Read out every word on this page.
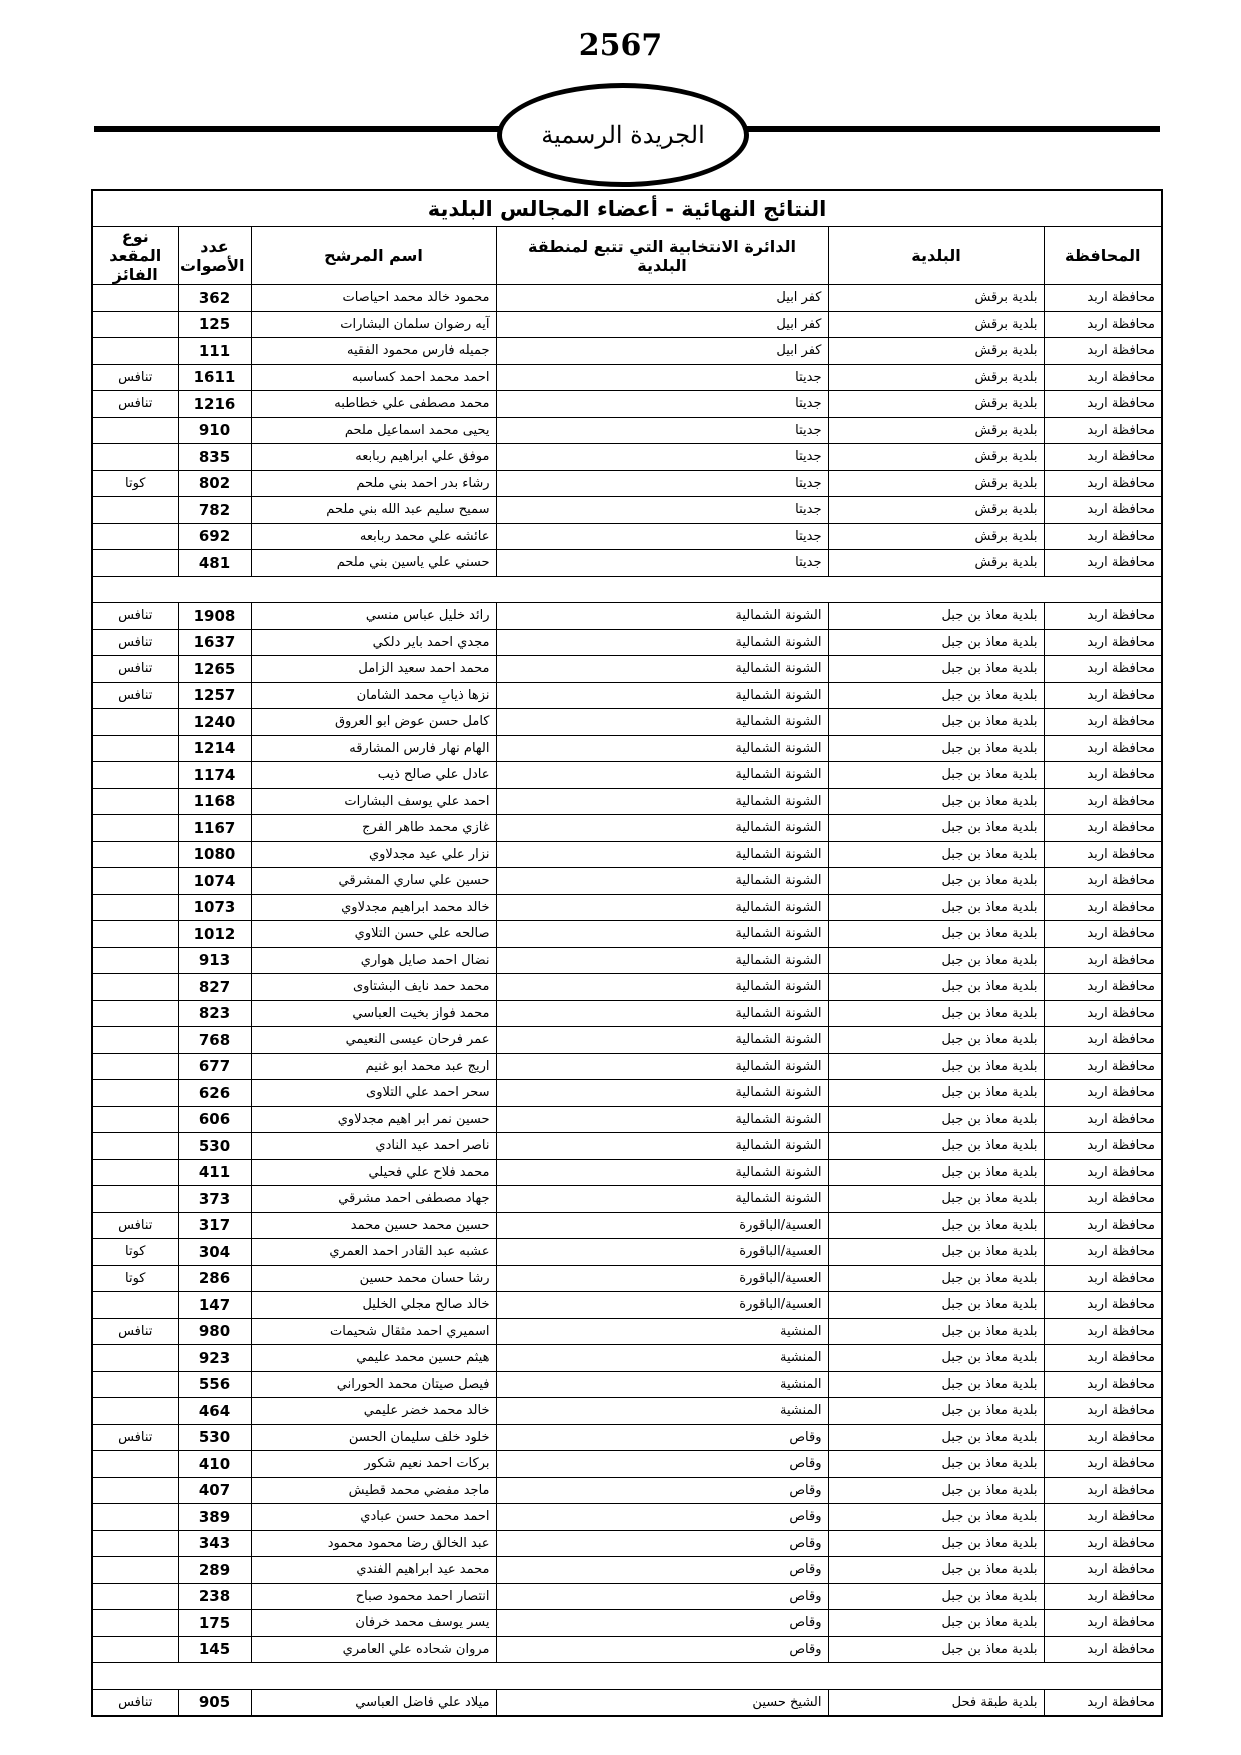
2567
الجريدة الرسمية
النتائج النهائية - أعضاء المجالس البلدية					
نوع المقعد الفائز	عدد الأصوات	اسم المرشح	الدائرة الانتخابية التي تتبع لمنطقة البلدية	البلدية	المحافظة
	362	محمود خالد محمد احياصات	كفر ابيل	بلدية برقش	محافظة اربد
	125	آيه رضوان سلمان البشارات	كفر ابيل	بلدية برقش	محافظة اربد
	111	جميله فارس محمود الفقيه	كفر ابيل	بلدية برقش	محافظة اربد
تنافس	1611	احمد محمد احمد كساسبه	جديتا	بلدية برقش	محافظة اربد
تنافس	1216	محمد مصطفى علي خطاطبه	جديتا	بلدية برقش	محافظة اربد
	910	يحيى محمد اسماعيل ملحم	جديتا	بلدية برقش	محافظة اربد
	835	موفق علي ابراهيم ربابعه	جديتا	بلدية برقش	محافظة اربد
كوتا	802	رشاء بدر احمد بني ملحم	جديتا	بلدية برقش	محافظة اربد
	782	سميح سليم عبد الله بني ملحم	جديتا	بلدية برقش	محافظة اربد
	692	عائشه علي محمد ربابعه	جديتا	بلدية برقش	محافظة اربد
	481	حسني علي ياسين بني ملحم	جديتا	بلدية برقش	محافظة اربد

تنافس	1908	رائد خليل عباس منسي	الشونة الشمالية	بلدية معاذ بن جبل	محافظة اربد
تنافس	1637	مجدي احمد باير دلكي	الشونة الشمالية	بلدية معاذ بن جبل	محافظة اربد
تنافس	1265	محمد احمد سعيد الزامل	الشونة الشمالية	بلدية معاذ بن جبل	محافظة اربد
تنافس	1257	نزها ذيابِ محمد الشامان	الشونة الشمالية	بلدية معاذ بن جبل	محافظة اربد
	1240	كامل حسن عوض ابو العروق	الشونة الشمالية	بلدية معاذ بن جبل	محافظة اربد
	1214	الهام نهار فارس المشارقه	الشونة الشمالية	بلدية معاذ بن جبل	محافظة اربد
	1174	عادل علي صالح ذيب	الشونة الشمالية	بلدية معاذ بن جبل	محافظة اربد
	1168	احمد علي يوسف البشارات	الشونة الشمالية	بلدية معاذ بن جبل	محافظة اربد
	1167	غازي محمد طاهر الفرج	الشونة الشمالية	بلدية معاذ بن جبل	محافظة اربد
	1080	نزار علي عيد مجدلاوي	الشونة الشمالية	بلدية معاذ بن جبل	محافظة اربد
	1074	حسين علي ساري المشرقي	الشونة الشمالية	بلدية معاذ بن جبل	محافظة اربد
	1073	خالد محمد ابراهيم مجدلاوي	الشونة الشمالية	بلدية معاذ بن جبل	محافظة اربد
	1012	صالحه علي حسن التلاوي	الشونة الشمالية	بلدية معاذ بن جبل	محافظة اربد
	913	نضال احمد صايل هواري	الشونة الشمالية	بلدية معاذ بن جبل	محافظة اربد
	827	محمد حمد نايف البشتاوى	الشونة الشمالية	بلدية معاذ بن جبل	محافظة اربد
	823	محمد فواز بخيت العباسي	الشونة الشمالية	بلدية معاذ بن جبل	محافظة اربد
	768	عمر فرحان عيسى النعيمي	الشونة الشمالية	بلدية معاذ بن جبل	محافظة اربد
	677	اريج عبد محمد ابو غنيم	الشونة الشمالية	بلدية معاذ بن جبل	محافظة اربد
	626	سحر احمد علي التلاوى	الشونة الشمالية	بلدية معاذ بن جبل	محافظة اربد
	606	حسين نمر ابر اهيم مجدلاوي	الشونة الشمالية	بلدية معاذ بن جبل	محافظة اربد
	530	ناصر احمد عيد النادي	الشونة الشمالية	بلدية معاذ بن جبل	محافظة اربد
	411	محمد فلاح علي فحيلي	الشونة الشمالية	بلدية معاذ بن جبل	محافظة اربد
	373	جهاد مصطفى احمد مشرقي	الشونة الشمالية	بلدية معاذ بن جبل	محافظة اربد
تنافس	317	حسين محمد حسين محمد	العسية/الباقورة	بلدية معاذ بن جبل	محافظة اربد
كوتا	304	عشبه عبد القادر احمد العمري	العسية/الباقورة	بلدية معاذ بن جبل	محافظة اربد
كوتا	286	رشا حسان محمد حسين	العسية/الباقورة	بلدية معاذ بن جبل	محافظة اربد
	147	خالد صالح مجلي الخليل	العسية/الباقورة	بلدية معاذ بن جبل	محافظة اربد
تنافس	980	اسميري احمد مثقال شحيمات	المنشية	بلدية معاذ بن جبل	محافظة اربد
	923	هيثم حسين محمد عليمي	المنشية	بلدية معاذ بن جبل	محافظة اربد
	556	فيصل صيتان محمد الحوراني	المنشية	بلدية معاذ بن جبل	محافظة اربد
	464	خالد محمد خضر عليمي	المنشية	بلدية معاذ بن جبل	محافظة اربد
تنافس	530	خلود خلف سليمان الحسن	وقاص	بلدية معاذ بن جبل	محافظة اربد
	410	بركات احمد نعيم شكور	وقاص	بلدية معاذ بن جبل	محافظة اربد
	407	ماجد مفضي محمد قطيش	وقاص	بلدية معاذ بن جبل	محافظة اربد
	389	احمد محمد حسن عبادي	وقاص	بلدية معاذ بن جبل	محافظة اربد
	343	عبد الخالق رضا محمود محمود	وقاص	بلدية معاذ بن جبل	محافظة اربد
	289	محمد عيد ابراهيم الفندي	وقاص	بلدية معاذ بن جبل	محافظة اربد
	238	انتصار احمد محمود صباح	وقاص	بلدية معاذ بن جبل	محافظة اربد
	175	يسر يوسف محمد خرفان	وقاص	بلدية معاذ بن جبل	محافظة اربد
	145	مروان شحاده علي العامري	وقاص	بلدية معاذ بن جبل	محافظة اربد

تنافس	905	ميلاد علي فاضل العباسي	الشيخ حسين	بلدية طبقة فحل	محافظة اربد
